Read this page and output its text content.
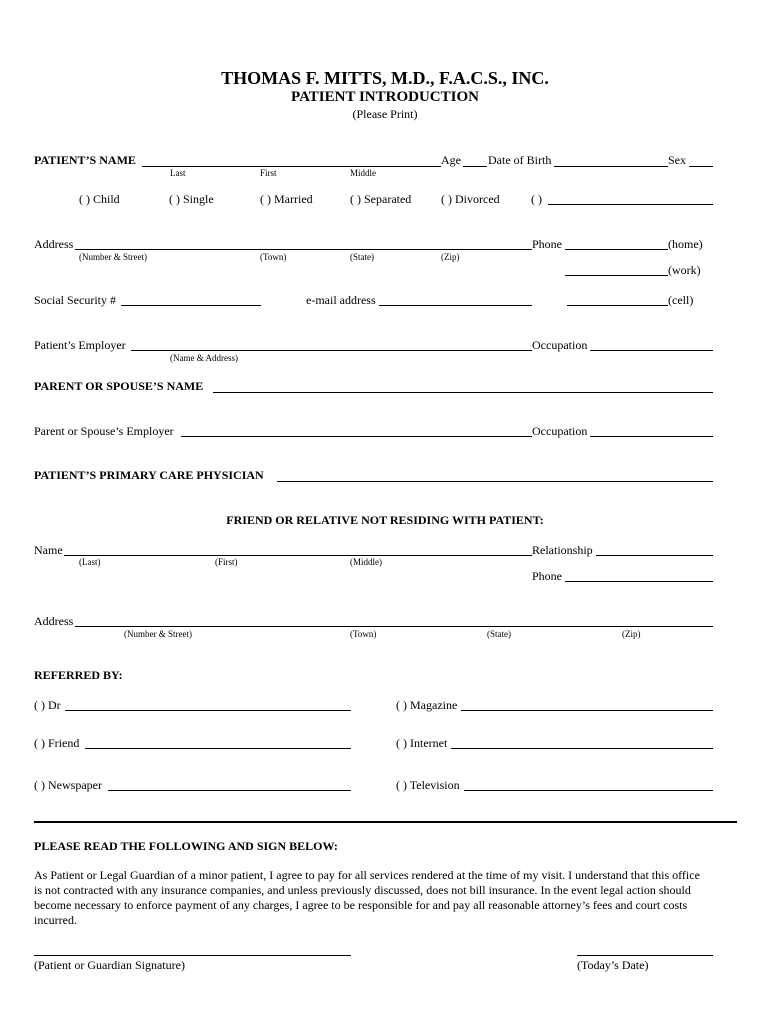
THOMAS F. MITTS, M.D., F.A.C.S., INC.
PATIENT INTRODUCTION
(Please Print)
PATIENT’S NAME	Age Date of Birth	Sex
Last	First	Middle
( ) Child	( ) Single	( ) Married	( ) Separated ( ) Divorced	( )
Address	Phone	(home)
(Number & Street)	(Town)	(State)	(Zip)
(work)
Social Security #	e-mail address	(cell)
Patient’s Employer	Occupation
(Name & Address)
PARENT OR SPOUSE’S NAME
Parent or Spouse’s Employer	Occupation
PATIENT’S PRIMARY CARE PHYSICIAN
FRIEND OR RELATIVE NOT RESIDING WITH PATIENT:
Name	Relationship
(Last)	(First)	(Middle)
Phone
Address
(Number & Street)	(Town)	(State)	(Zip)
REFERRED BY:
( ) Dr	( ) Magazine
( ) Friend	( ) Internet
( ) Newspaper	( ) Television
PLEASE READ THE FOLLOWING AND SIGN BELOW:
As Patient or Legal Guardian of a minor patient, I agree to pay for all services rendered at the time of my visit. I understand that this office
is not contracted with any insurance companies, and unless previously discussed, does not bill insurance. In the event legal action should
become necessary to enforce payment of any charges, I agree to be responsible for and pay all reasonable attorney’s fees and court costs
incurred.
(Patient or Guardian Signature)	(Today’s Date)
